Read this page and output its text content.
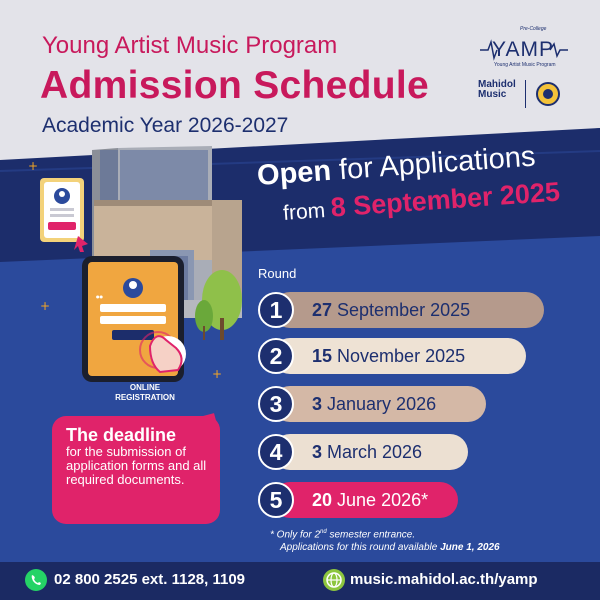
+
+
+
●●
Young Artist Music Program
Admission Schedule
Academic Year 2026-2027
Pre-College
YAMP
Young Artist Music Program
Mahidol Music
Open for Applications
from 8 September 2025
Round
1	27 September 2025
2	15 November 2025
3	3 January 2026
4	3 March 2026
5	20 June 2026*
* Only for 2nd semester entrance.
Applications for this round available June 1, 2026
ONLINE REGISTRATION
The deadline
for the submission of application forms and all required documents.
02 800 2525 ext. 1128, 1109	music.mahidol.ac.th/yamp
